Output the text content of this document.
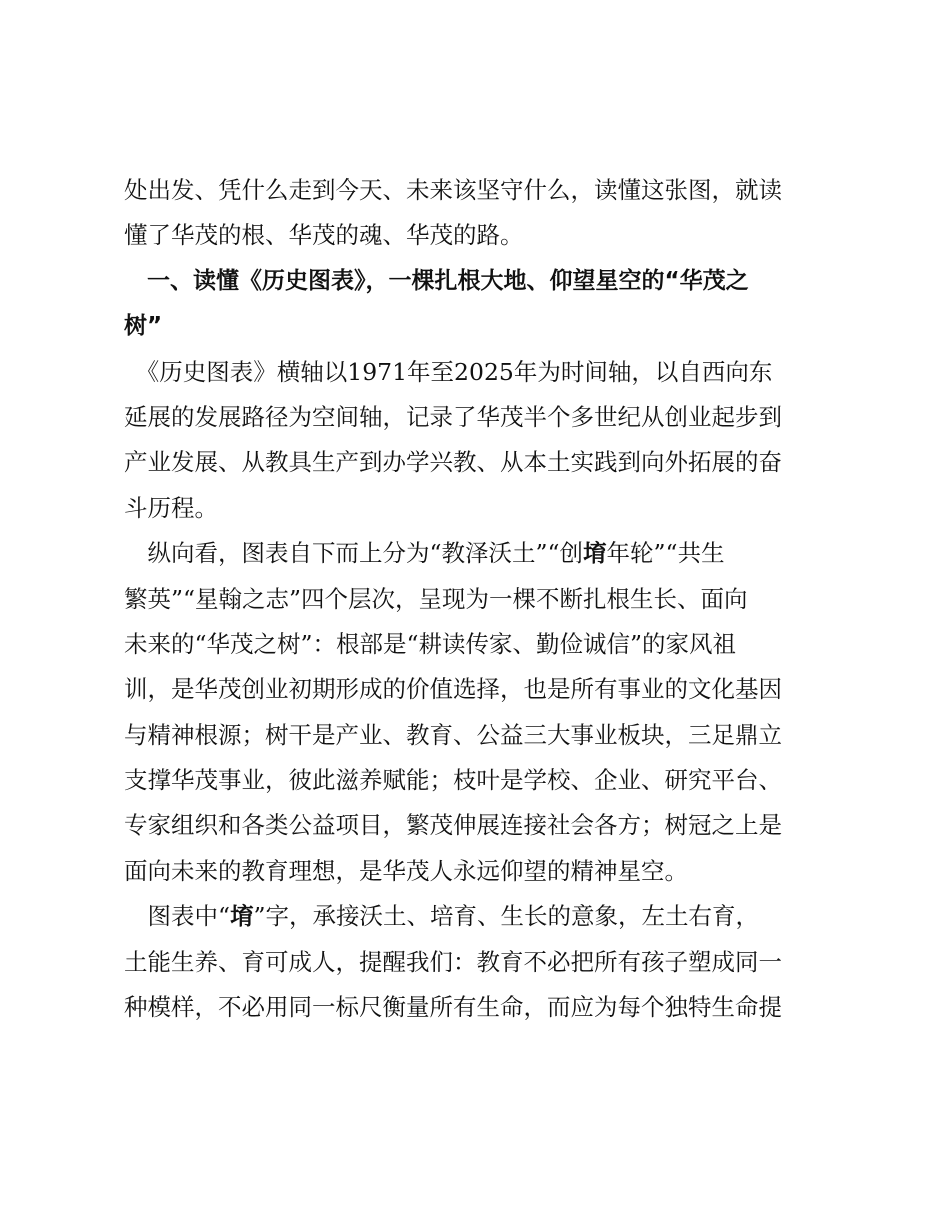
处出发、凭什么走到今天、未来该坚守什么，读懂这张图，就读
懂了华茂的根、华茂的魂、华茂的路。
　一、读懂《历史图表》，一棵扎根大地、仰望星空的“华茂之
树”
　《历史图表》横轴以1971年至2025年为时间轴，以自西向东
延展的发展路径为空间轴，记录了华茂半个多世纪从创业起步到
产业发展、从教具生产到办学兴教、从本土实践到向外拓展的奋
斗历程。
　纵向看，图表自下而上分为“教泽沃土”“创堉年轮”“共生
繁英”“星翰之志”四个层次，呈现为一棵不断扎根生长、面向
未来的“华茂之树”：根部是“耕读传家、勤俭诚信”的家风祖
训，是华茂创业初期形成的价值选择，也是所有事业的文化基因
与精神根源；树干是产业、教育、公益三大事业板块，三足鼎立
支撑华茂事业，彼此滋养赋能；枝叶是学校、企业、研究平台、
专家组织和各类公益项目，繁茂伸展连接社会各方；树冠之上是
面向未来的教育理想，是华茂人永远仰望的精神星空。
　图表中“堉”字，承接沃土、培育、生长的意象，左土右育，
土能生养、育可成人，提醒我们：教育不必把所有孩子塑成同一
种模样，不必用同一标尺衡量所有生命，而应为每个独特生命提
